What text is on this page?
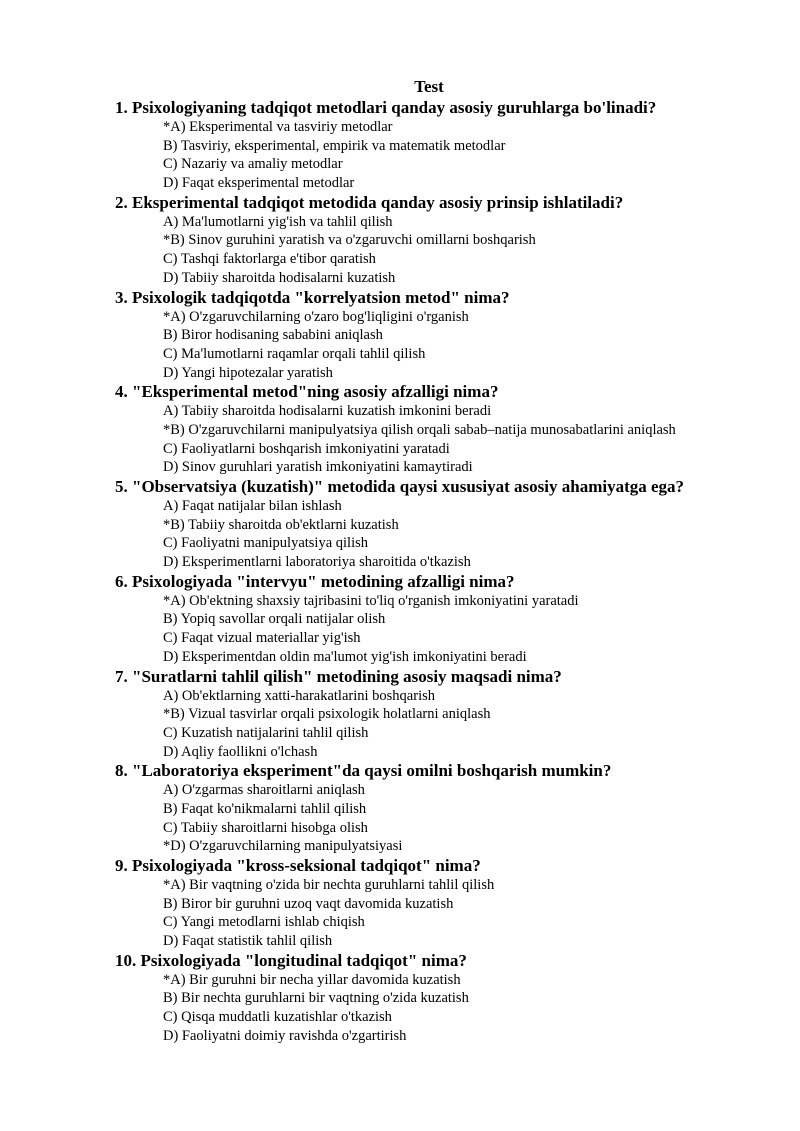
Test
1. Psixologiyaning tadqiqot metodlari qanday asosiy guruhlarga bo'linadi?
*A) Eksperimental va tasviriy metodlar
B) Tasviriy, eksperimental, empirik va matematik metodlar
C) Nazariy va amaliy metodlar
D) Faqat eksperimental metodlar
2. Eksperimental tadqiqot metodida qanday asosiy prinsip ishlatiladi?
A) Ma'lumotlarni yig'ish va tahlil qilish
*B) Sinov guruhini yaratish va o'zgaruvchi omillarni boshqarish
C) Tashqi faktorlarga e'tibor qaratish
D) Tabiiy sharoitda hodisalarni kuzatish
3. Psixologik tadqiqotda "korrelyatsion metod" nima?
*A) O'zgaruvchilarning o'zaro bog'liqligini o'rganish
B) Biror hodisaning sababini aniqlash
C) Ma'lumotlarni raqamlar orqali tahlil qilish
D) Yangi hipotezalar yaratish
4. "Eksperimental metod"ning asosiy afzalligi nima?
A) Tabiiy sharoitda hodisalarni kuzatish imkonini beradi
*B) O'zgaruvchilarni manipulyatsiya qilish orqali sabab–natija munosabatlarini aniqlash
C) Faoliyatlarni boshqarish imkoniyatini yaratadi
D) Sinov guruhlari yaratish imkoniyatini kamaytiradi
5. "Observatsiya (kuzatish)" metodida qaysi xususiyat asosiy ahamiyatga ega?
A) Faqat natijalar bilan ishlash
*B) Tabiiy sharoitda ob'ektlarni kuzatish
C) Faoliyatni manipulyatsiya qilish
D) Eksperimentlarni laboratoriya sharoitida o'tkazish
6. Psixologiyada "intervyu" metodining afzalligi nima?
*A) Ob'ektning shaxsiy tajribasini to'liq o'rganish imkoniyatini yaratadi
B) Yopiq savollar orqali natijalar olish
C) Faqat vizual materiallar yig'ish
D) Eksperimentdan oldin ma'lumot yig'ish imkoniyatini beradi
7. "Suratlarni tahlil qilish" metodining asosiy maqsadi nima?
A) Ob'ektlarning xatti-harakatlarini boshqarish
*B) Vizual tasvirlar orqali psixologik holatlarni aniqlash
C) Kuzatish natijalarini tahlil qilish
D) Aqliy faollikni o'lchash
8. "Laboratoriya eksperiment"da qaysi omilni boshqarish mumkin?
A) O'zgarmas sharoitlarni aniqlash
B) Faqat ko'nikmalarni tahlil qilish
C) Tabiiy sharoitlarni hisobga olish
*D) O'zgaruvchilarning manipulyatsiyasi
9. Psixologiyada "kross-seksional tadqiqot" nima?
*A) Bir vaqtning o'zida bir nechta guruhlarni tahlil qilish
B) Biror bir guruhni uzoq vaqt davomida kuzatish
C) Yangi metodlarni ishlab chiqish
D) Faqat statistik tahlil qilish
10. Psixologiyada "longitudinal tadqiqot" nima?
*A) Bir guruhni bir necha yillar davomida kuzatish
B) Bir nechta guruhlarni bir vaqtning o'zida kuzatish
C) Qisqa muddatli kuzatishlar o'tkazish
D) Faoliyatni doimiy ravishda o'zgartirish
